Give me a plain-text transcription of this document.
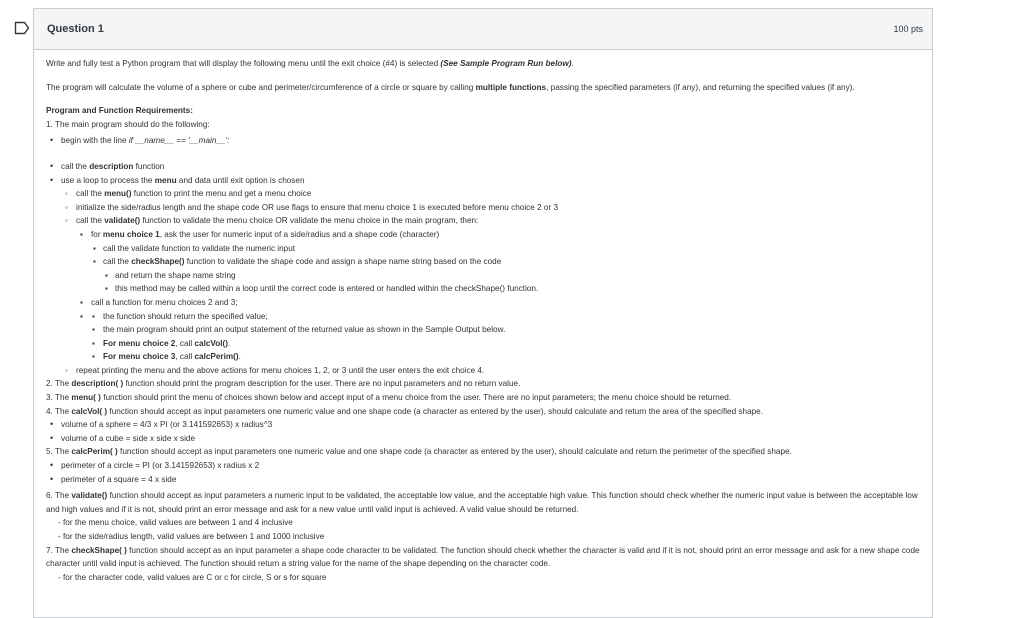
Question 1	100 pts

Write and fully test a Python program that will display the following menu until the exit choice (#4) is selected (See Sample Program Run below).

The program will calculate the volume of a sphere or cube and perimeter/circumference of a circle or square by calling multiple functions, passing the specified parameters (if any), and returning the specified values (if any).

Program and Function Requirements:

1. The main program should do the following:

• begin with the line if __name__ == '__main__':
• call the description function
• use a loop to process the menu and data until exit option is chosen
◦ call the menu() function to print the menu and get a menu choice
◦ initialize the side/radius length and the shape code OR use flags to ensure that menu choice 1 is executed before menu choice 2 or 3
◦ call the validate() function to validate the menu choice OR validate the menu choice in the main program, then:
▪ for menu choice 1, ask the user for numeric input of a side/radius and a shape code (character)
▪ call the validate function to validate the numeric input
▪ call the checkShape() function to validate the shape code and assign a shape name string based on the code
▪ and return the shape name string
▪ this method may be called within a loop until the correct code is entered or handled within the checkShape() function.
▪ call a function for menu choices 2 and 3;
▪ the function should return the specified value;
▪ the main program should print an output statement of the returned value as shown in the Sample Output below.
▪ For menu choice 2, call calcVol().
▪ For menu choice 3, call calcPerim().
◦ repeat printing the menu and the above actions for menu choices 1, 2, or 3 until the user enters the exit choice 4.

2. The description( ) function should print the program description for the user. There are no input parameters and no return value.

3. The menu( ) function should print the menu of choices shown below and accept input of a menu choice from the user. There are no input parameters; the menu choice should be returned.

4. The calcVol( ) function should accept as input parameters one numeric value and one shape code (a character as entered by the user), should calculate and return the area of the specified shape.

• volume of a sphere = 4/3 x PI (or 3.141592653) x radius^3
• volume of a cube = side x side x side

5. The calcPerim( ) function should accept as input parameters one numeric value and one shape code (a character as entered by the user), should calculate and return the perimeter of the specified shape.

• perimeter of a circle = PI (or 3.141592653) x radius x 2
• perimeter of a square = 4 x side

6. The validate() function should accept as input parameters a numeric input to be validated, the acceptable low value, and the acceptable high value. This function should check whether the numeric input value is between the acceptable low and high values and if it is not, should print an error message and ask for a new value until valid input is achieved. A valid value should be returned.

- for the menu choice, valid values are between 1 and 4 inclusive

- for the side/radius length, valid values are between 1 and 1000 inclusive

7. The checkShape( ) function should accept as an input parameter a shape code character to be validated. The function should check whether the character is valid and if it is not, should print an error message and ask for a new shape code character until valid input is achieved. The function should return a string value for the name of the shape depending on the character code.

- for the character code, valid values are C or c for circle, S or s for square
